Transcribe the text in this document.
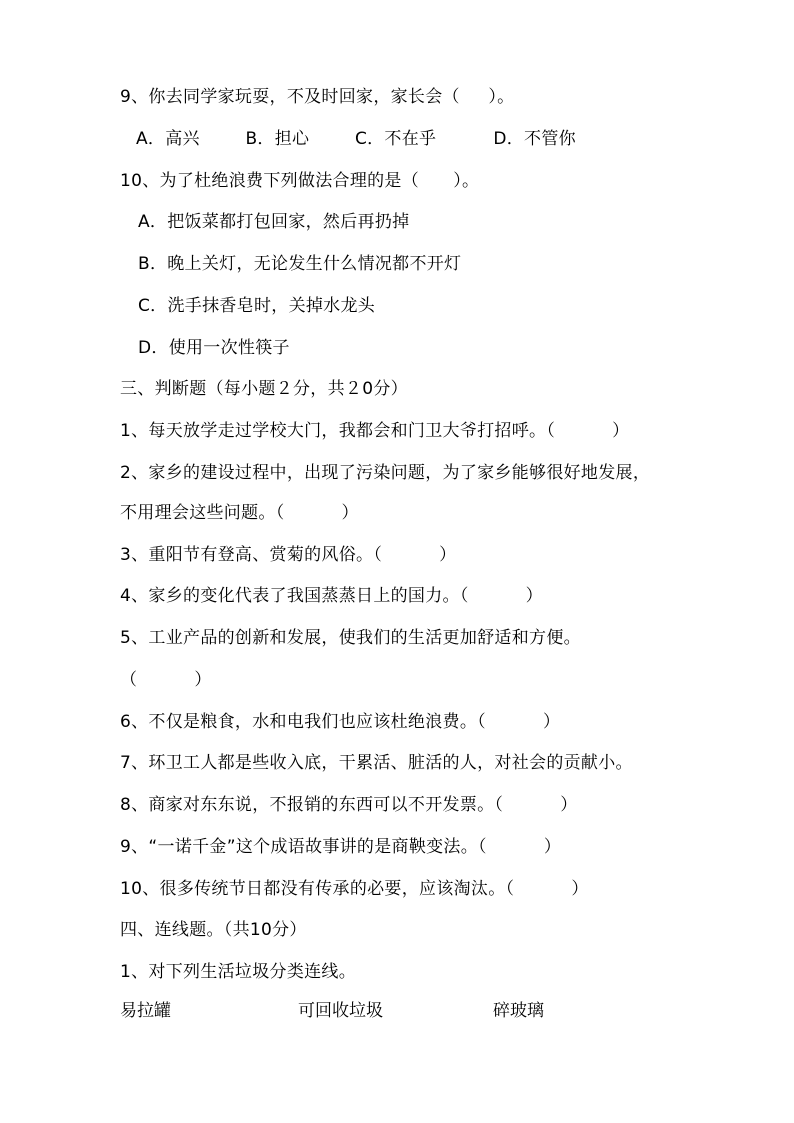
9、你去同学家玩耍，不及时回家，家长会（     ）。
A．高兴        B．担心        C．不在乎          D．不管你
10、为了杜绝浪费下列做法合理的是（      ）。
A．把饭菜都打包回家，然后再扔掉
B．晚上关灯，无论发生什么情况都不开灯
C．洗手抹香皂时，关掉水龙头
D．使用一次性筷子
三、判断题（每小题２分，共２0分）
1、每天放学走过学校大门，我都会和门卫大爷打招呼。（          ）
2、家乡的建设过程中，出现了污染问题，为了家乡能够很好地发展，
不用理会这些问题。（          ）
3、重阳节有登高、赏菊的风俗。（          ）
4、家乡的变化代表了我国蒸蒸日上的国力。（          ）
5、工业产品的创新和发展，使我们的生活更加舒适和方便。
（          ）
6、不仅是粮食，水和电我们也应该杜绝浪费。（          ）
7、环卫工人都是些收入底，干累活、脏活的人，对社会的贡献小。
8、商家对东东说，不报销的东西可以不开发票。（          ）
9、“一诺千金”这个成语故事讲的是商鞅变法。（          ）
10、很多传统节日都没有传承的必要，应该淘汰。（          ）
四、连线题。（共10分）
1、对下列生活垃圾分类连线。
易拉罐	可回收垃圾	碎玻璃
